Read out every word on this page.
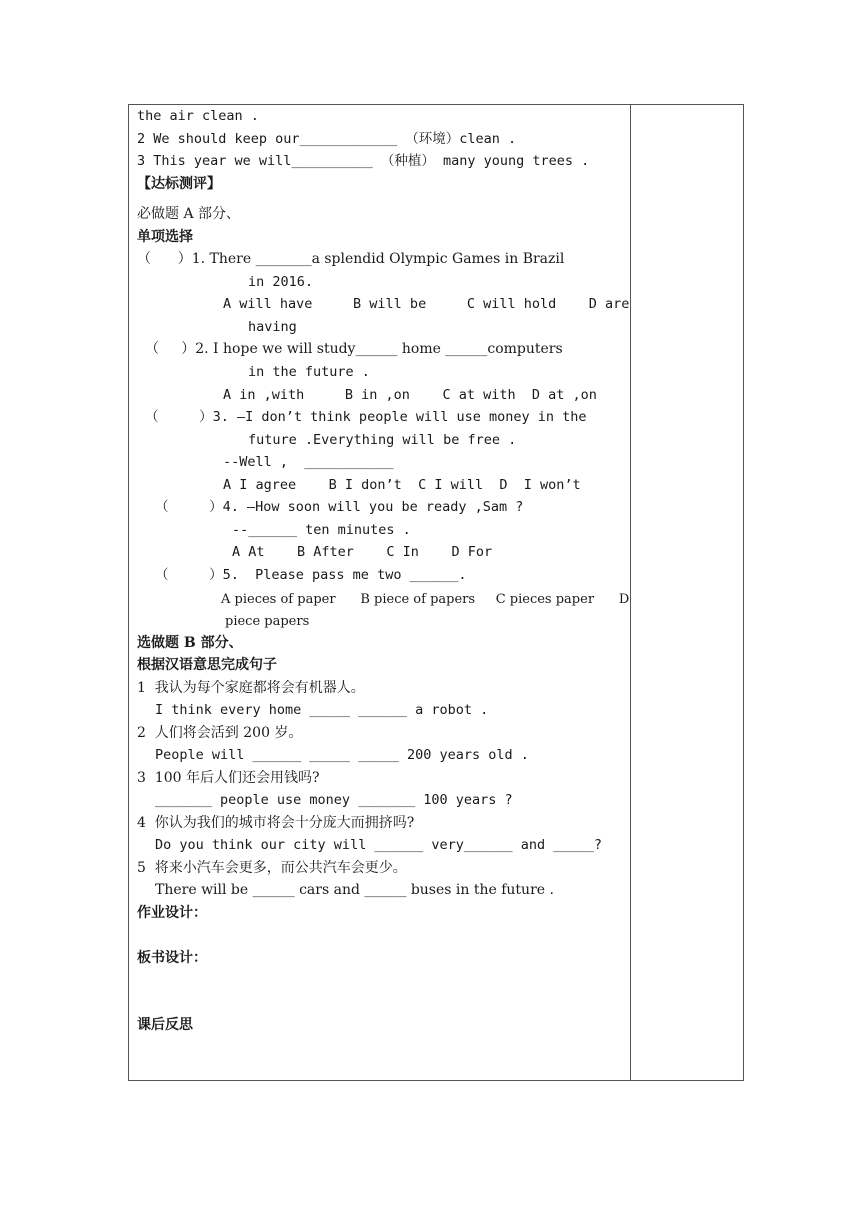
the air clean .
2 We should keep our____________ （环境）clean .
3 This year we will__________ （种植） many young trees .
【达标测评】
必做题 A 部分、
单项选择
（      ）1. There ________a splendid Olympic Games in Brazil
in 2016.
A will have     B will be     C will hold    D are
having
（     ）2. I hope we will study______ home ______computers
in the future .
A in ,with     B in ,on    C at with  D at ,on
（     ）3. —I don’t think people will use money in the
future .Everything will be free .
--Well ,  ___________
A I agree    B I don’t  C I will  D  I won’t
（     ）4. —How soon will you be ready ,Sam ?
--______ ten minutes .
A At    B After    C In    D For
（     ）5.  Please pass me two ______.
A pieces of paper      B piece of papers     C pieces paper      D
piece papers
选做题 B 部分、
根据汉语意思完成句子
1  我认为每个家庭都将会有机器人。
I think every home _____ ______ a robot .
2  人们将会活到 200 岁。
People will ______ _____ _____ 200 years old .
3  100 年后人们还会用钱吗?
_______ people use money _______ 100 years ?
4  你认为我们的城市将会十分庞大而拥挤吗?
Do you think our city will ______ very______ and _____?
5  将来小汽车会更多，而公共汽车会更少。
There will be ______ cars and ______ buses in the future .
作业设计：
板书设计：
课后反思
